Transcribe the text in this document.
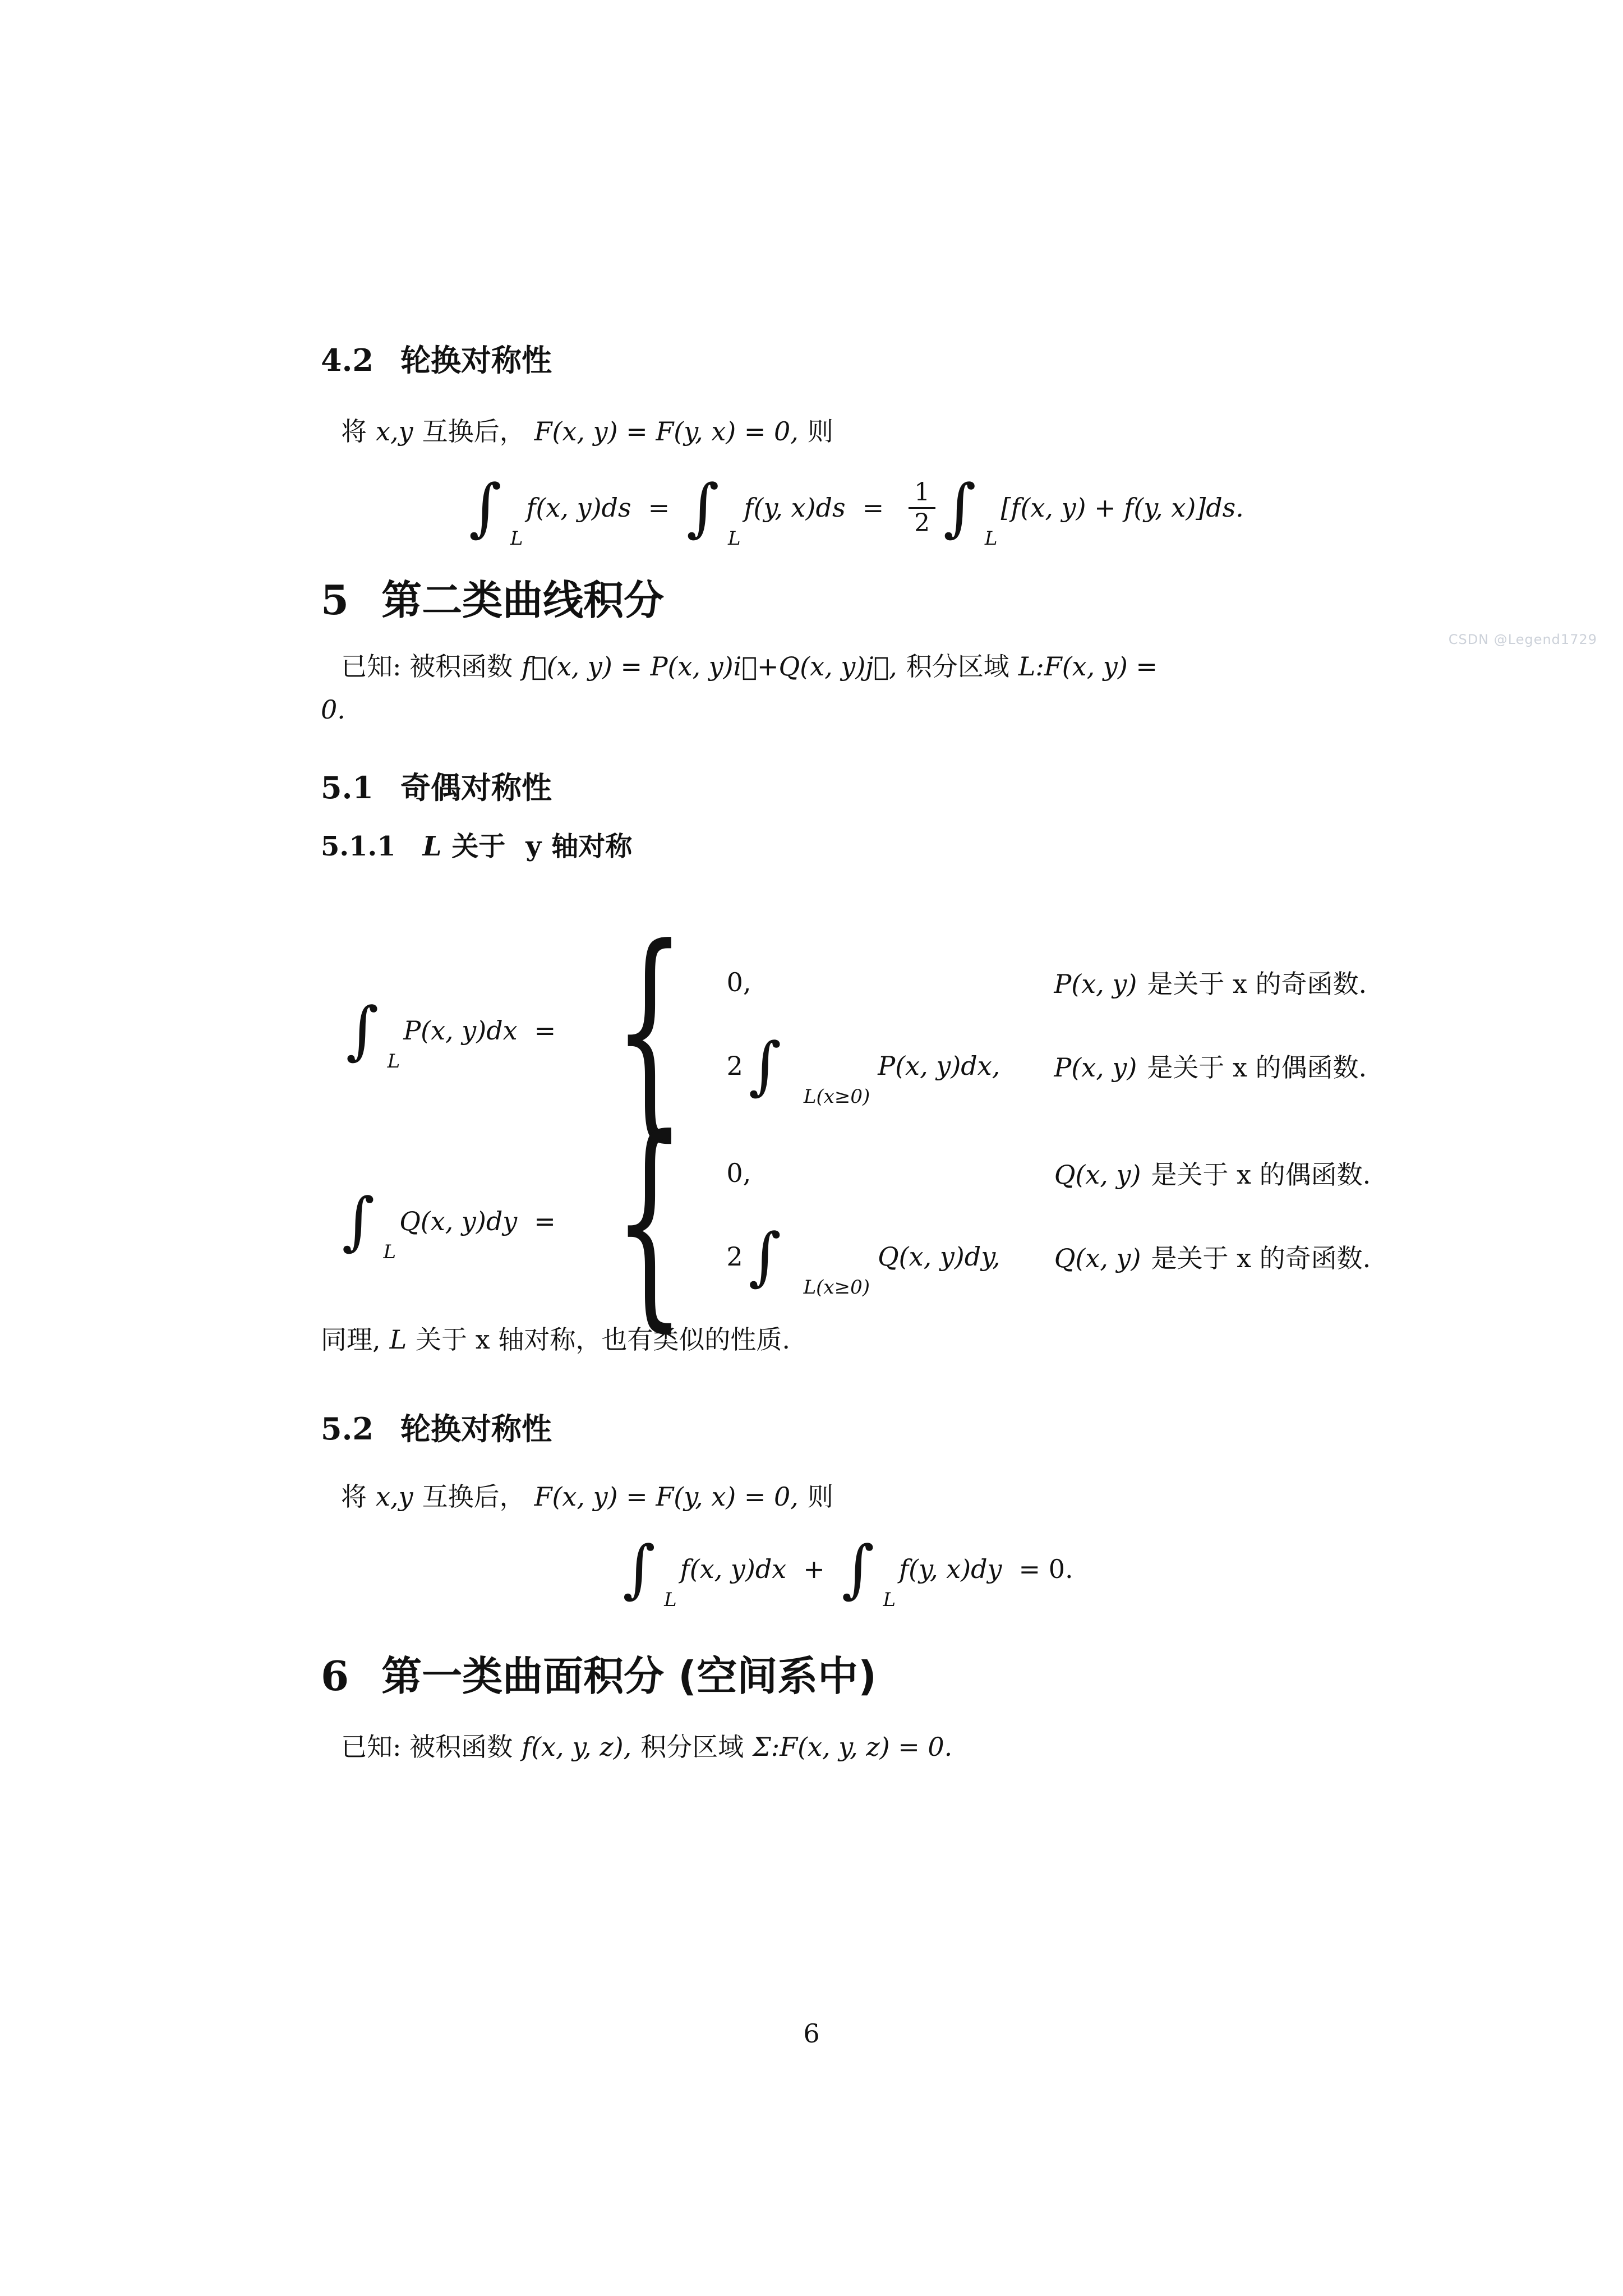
4.2 轮换对称性
将 x,y 互换后， F(x, y) = F(y, x) = 0, 则
∫ L
f(x, y)ds = ∫ L
f(y, $x)ds = \frac{1}{2}$ ∫ L
[f(x, y) + f(y, x)]ds.
5 第二类曲线积分
已知: 被积函数 f⃗(x, y) = P(x, y)i⃗+Q(x, y)j⃗, 积分区域 L:F(x, y) =
0.
5.1 奇偶对称性
5.1.1 L 关于 y 轴对称
∫ L
P(x, y)dx = { 0,	P(x, y) 是关于 x 的奇函数.
2 ∫ L(x≥0)
P(x, y)dx, P(x, y) 是关于 x 的偶函数.
∫ L
Q(x, y)dy = { 0,	Q(x, y) 是关于 x 的偶函数.
2 ∫ L(x≥0)
Q(x, y)dy, Q(x, y) 是关于 x 的奇函数.
同理, L 关于 x 轴对称，也有类似的性质.
5.2 轮换对称性
将 x,y 互换后， F(x, y) = F(y, x) = 0, 则
∫ L
f(x, y)dx + ∫ L
f(y, x)dy = 0.
6 第一类曲面积分 (空间系中)
已知: 被积函数 f(x, y, z), 积分区域 Σ:F(x, y, z) = 0.
6
CSDN @Legend1729
